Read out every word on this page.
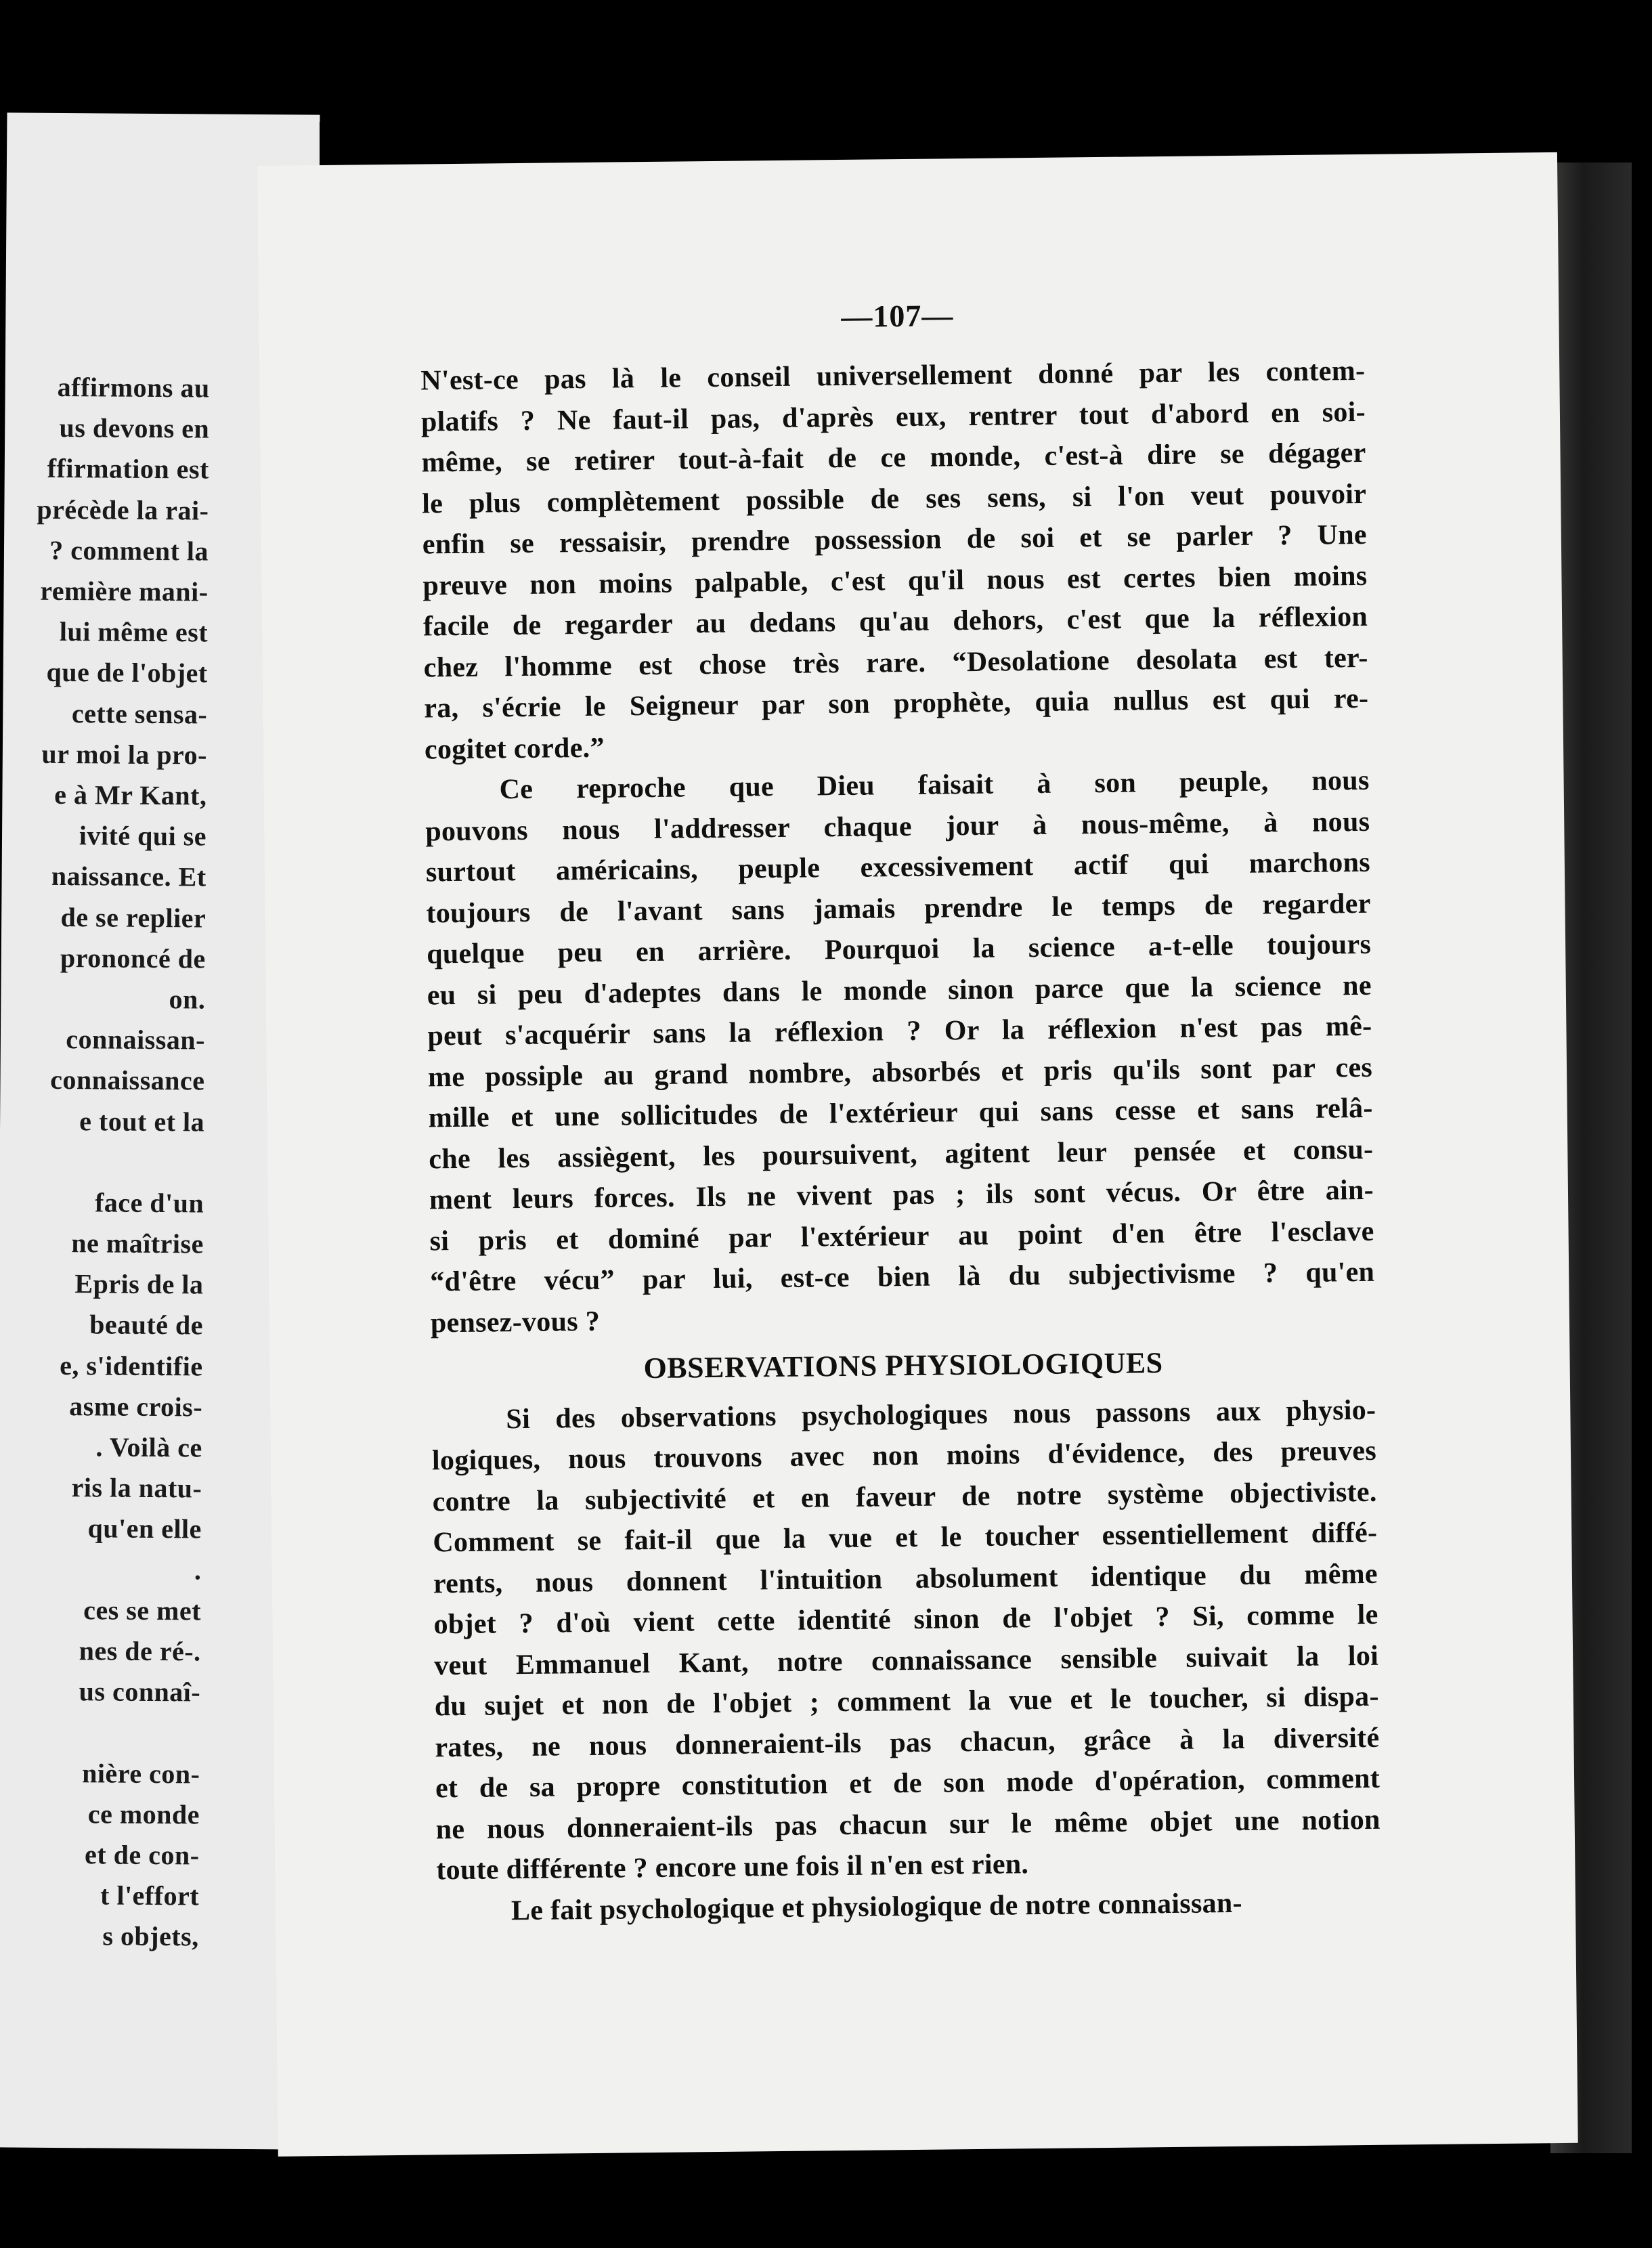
affirmons au
us devons en
ffirmation est
précède la rai-
? comment la
remière mani-
lui même est
que de l'objet
cette sensa-
ur moi la pro-
e à Mr Kant,
ivité qui se
naissance. Et
de se replier
prononcé de
on.
connaissan-
connaissance
e tout et la
face d'un
ne maîtrise
Epris de la
beauté de
e, s'identifie
asme crois-
. Voilà ce
ris la natu-
qu'en elle
.
ces se met
nes de ré-.
us connaî-
nière con-
ce monde
et de con-
t l'effort
s objets,
—107—
N'est-ce pas là le conseil universellement donné par les contem-
platifs ? Ne faut-il pas, d'après eux, rentrer tout d'abord en soi-
même, se retirer tout-à-fait de ce monde, c'est-à dire se dégager
le plus complètement possible de ses sens, si l'on veut pouvoir
enfin se ressaisir, prendre possession de soi et se parler ? Une
preuve non moins palpable, c'est qu'il nous est certes bien moins
facile de regarder au dedans qu'au dehors, c'est que la réflexion
chez l'homme est chose très rare. “Desolatione desolata est ter-
ra, s'écrie le Seigneur par son prophète, quia nullus est qui re-
cogitet corde.”
Ce reproche que Dieu faisait à son peuple, nous
pouvons nous l'addresser chaque jour à nous-même, à nous
surtout américains, peuple excessivement actif qui marchons
toujours de l'avant sans jamais prendre le temps de regarder
quelque peu en arrière. Pourquoi la science a-t-elle toujours
eu si peu d'adeptes dans le monde sinon parce que la science ne
peut s'acquérir sans la réflexion ? Or la réflexion n'est pas mê-
me possiple au grand nombre, absorbés et pris qu'ils sont par ces
mille et une sollicitudes de l'extérieur qui sans cesse et sans relâ-
che les assiègent, les poursuivent, agitent leur pensée et consu-
ment leurs forces. Ils ne vivent pas ; ils sont vécus. Or être ain-
si pris et dominé par l'extérieur au point d'en être l'esclave
“d'être vécu” par lui, est-ce bien là du subjectivisme ? qu'en
pensez-vous ?
OBSERVATIONS PHYSIOLOGIQUES
Si des observations psychologiques nous passons aux physio-
logiques, nous trouvons avec non moins d'évidence, des preuves
contre la subjectivité et en faveur de notre système objectiviste.
Comment se fait-il que la vue et le toucher essentiellement diffé-
rents, nous donnent l'intuition absolument identique du même
objet ? d'où vient cette identité sinon de l'objet ? Si, comme le
veut Emmanuel Kant, notre connaissance sensible suivait la loi
du sujet et non de l'objet ; comment la vue et le toucher, si dispa-
rates, ne nous donneraient-ils pas chacun, grâce à la diversité
et de sa propre constitution et de son mode d'opération, comment
ne nous donneraient-ils pas chacun sur le même objet une notion
toute différente ? encore une fois il n'en est rien.
Le fait psychologique et physiologique de notre connaissan-
